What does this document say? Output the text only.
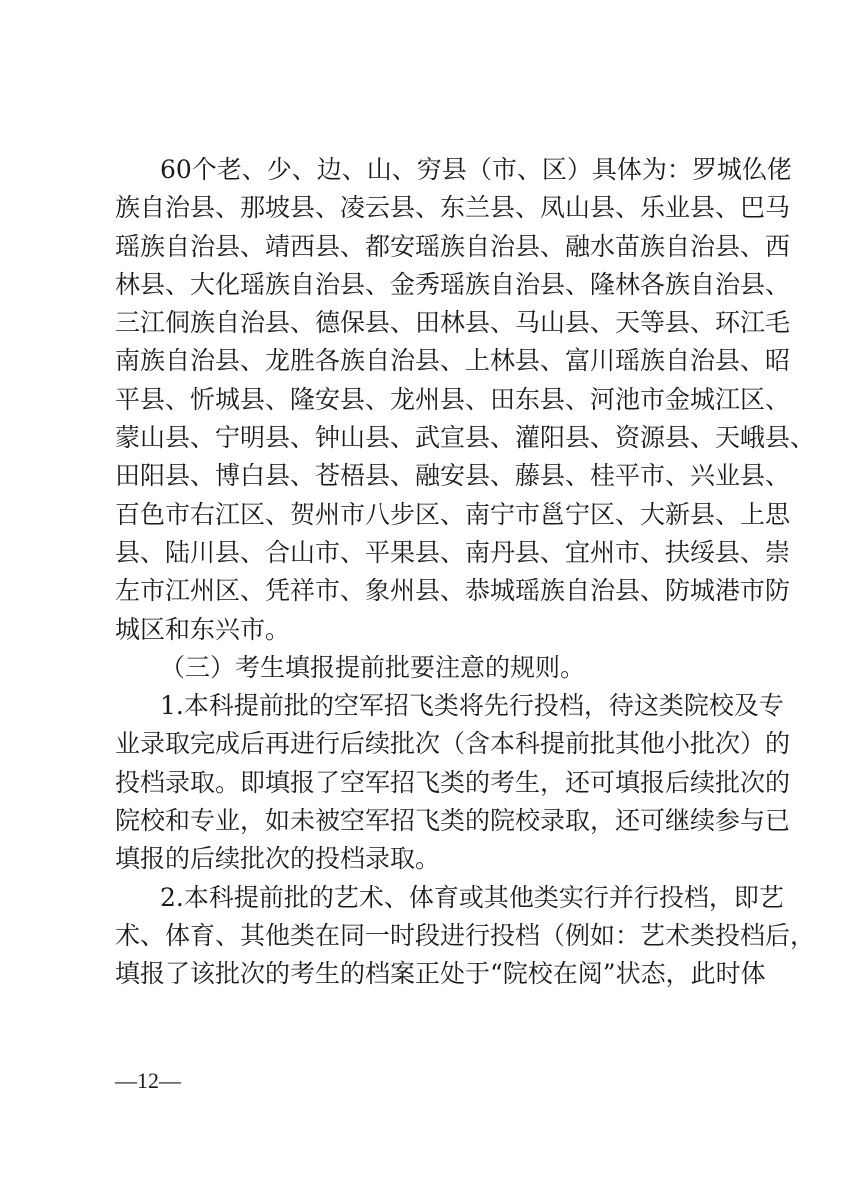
60个老、少、边、山、穷县（市、区）具体为：罗城仫佬
族自治县、那坡县、凌云县、东兰县、凤山县、乐业县、巴马
瑶族自治县、靖西县、都安瑶族自治县、融水苗族自治县、西
林县、大化瑶族自治县、金秀瑶族自治县、隆林各族自治县、
三江侗族自治县、德保县、田林县、马山县、天等县、环江毛
南族自治县、龙胜各族自治县、上林县、富川瑶族自治县、昭
平县、忻城县、隆安县、龙州县、田东县、河池市金城江区、
蒙山县、宁明县、钟山县、武宣县、灌阳县、资源县、天峨县、
田阳县、博白县、苍梧县、融安县、藤县、桂平市、兴业县、
百色市右江区、贺州市八步区、南宁市邕宁区、大新县、上思
县、陆川县、合山市、平果县、南丹县、宜州市、扶绥县、崇
左市江州区、凭祥市、象州县、恭城瑶族自治县、防城港市防
城区和东兴市。
（三）考生填报提前批要注意的规则。
1.本科提前批的空军招飞类将先行投档，待这类院校及专
业录取完成后再进行后续批次（含本科提前批其他小批次）的
投档录取。即填报了空军招飞类的考生，还可填报后续批次的
院校和专业，如未被空军招飞类的院校录取，还可继续参与已
填报的后续批次的投档录取。
2.本科提前批的艺术、体育或其他类实行并行投档，即艺
术、体育、其他类在同一时段进行投档（例如：艺术类投档后，
填报了该批次的考生的档案正处于“院校在阅”状态，此时体
—12—
